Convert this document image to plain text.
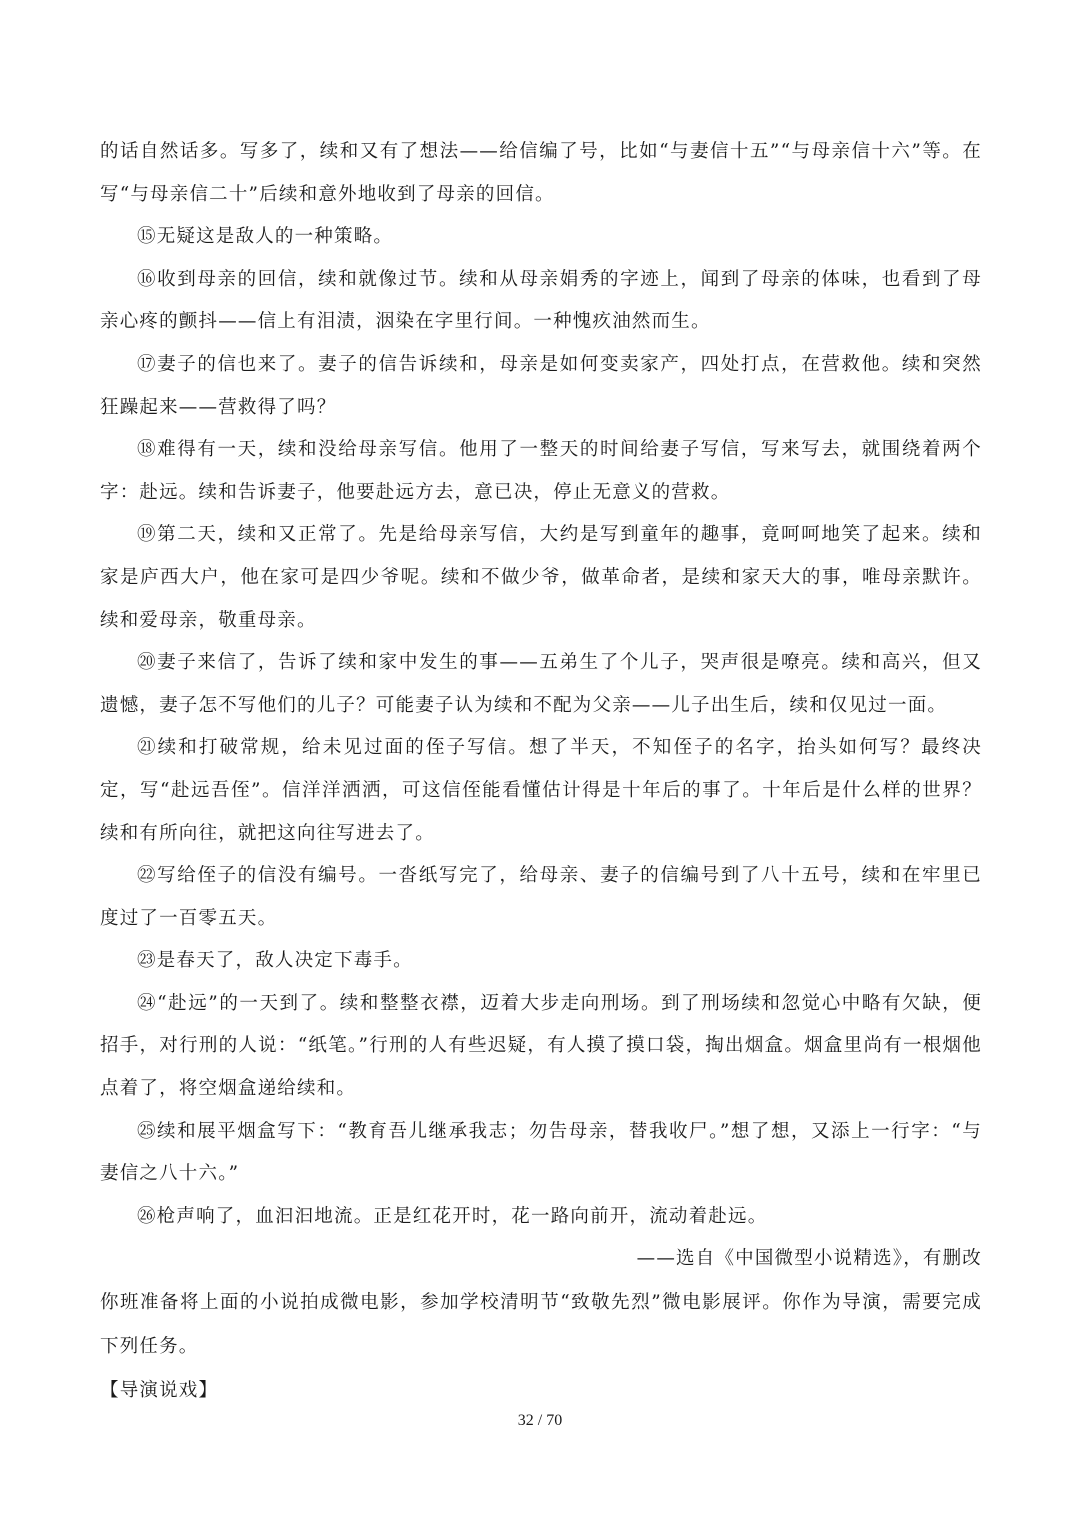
的话自然话多。写多了，续和又有了想法——给信编了号，比如“与妻信十五”“与母亲信十六”等。在写“与母亲信二十”后续和意外地收到了母亲的回信。

⑮无疑这是敌人的一种策略。

⑯收到母亲的回信，续和就像过节。续和从母亲娟秀的字迹上，闻到了母亲的体味，也看到了母亲心疼的颤抖——信上有泪渍，洇染在字里行间。一种愧疚油然而生。

⑰妻子的信也来了。妻子的信告诉续和，母亲是如何变卖家产，四处打点，在营救他。续和突然狂躁起来——营救得了吗？

⑱难得有一天，续和没给母亲写信。他用了一整天的时间给妻子写信，写来写去，就围绕着两个字：赴远。续和告诉妻子，他要赴远方去，意已决，停止无意义的营救。

⑲第二天，续和又正常了。先是给母亲写信，大约是写到童年的趣事，竟呵呵地笑了起来。续和家是庐西大户，他在家可是四少爷呢。续和不做少爷，做革命者，是续和家天大的事，唯母亲默许。续和爱母亲，敬重母亲。

⑳妻子来信了，告诉了续和家中发生的事——五弟生了个儿子，哭声很是嘹亮。续和高兴，但又遗憾，妻子怎不写他们的儿子？可能妻子认为续和不配为父亲——儿子出生后，续和仅见过一面。

㉑续和打破常规，给未见过面的侄子写信。想了半天，不知侄子的名字，抬头如何写？最终决定，写“赴远吾侄”。信洋洋洒洒，可这信侄能看懂估计得是十年后的事了。十年后是什么样的世界？续和有所向往，就把这向往写进去了。

㉒写给侄子的信没有编号。一沓纸写完了，给母亲、妻子的信编号到了八十五号，续和在牢里已度过了一百零五天。

㉓是春天了，敌人决定下毒手。

㉔“赴远”的一天到了。续和整整衣襟，迈着大步走向刑场。到了刑场续和忽觉心中略有欠缺，便招手，对行刑的人说：“纸笔。”行刑的人有些迟疑，有人摸了摸口袋，掏出烟盒。烟盒里尚有一根烟他点着了，将空烟盒递给续和。

㉕续和展平烟盒写下：“教育吾儿继承我志；勿告母亲，替我收尸。”想了想，又添上一行字：“与妻信之八十六。”

㉖枪声响了，血汩汩地流。正是红花开时，花一路向前开，流动着赴远。

——选自《中国微型小说精选》，有删改

你班准备将上面的小说拍成微电影，参加学校清明节“致敬先烈”微电影展评。你作为导演，需要完成下列任务。

【导演说戏】

32 / 70
